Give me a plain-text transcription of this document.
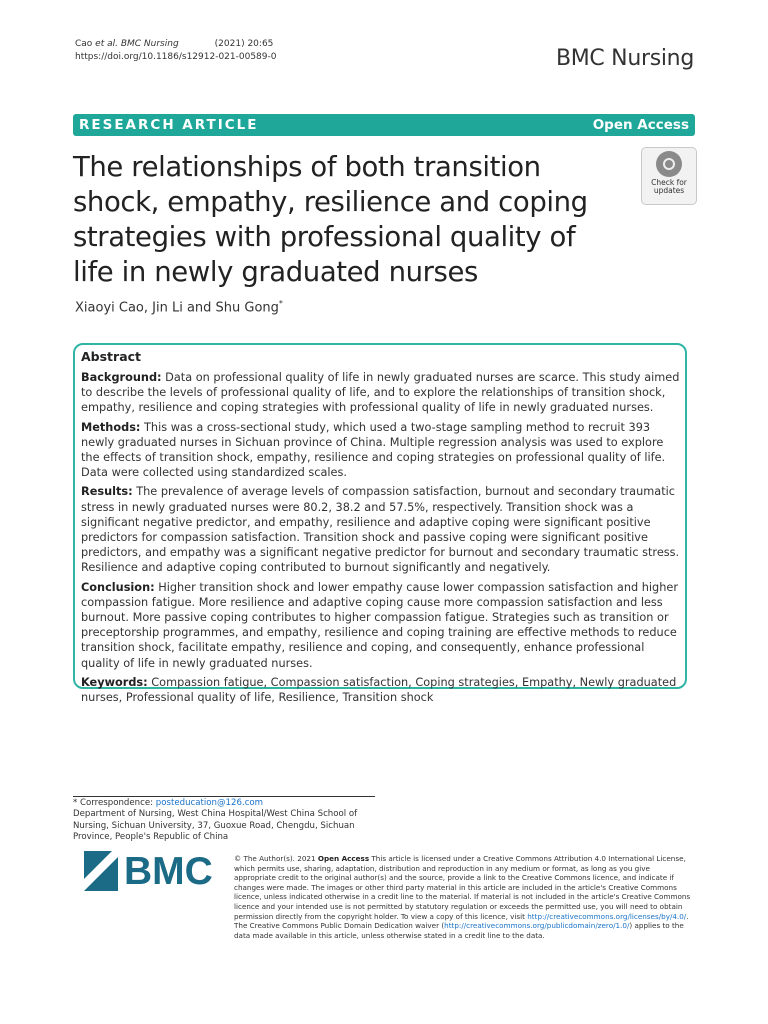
Cao et al. BMC Nursing	(2021) 20:65
https://doi.org/10.1186/s12912-021-00589-0	BMC Nursing
RESEARCH ARTICLE	Open Access
The relationships of both transition shock, empathy, resilience and coping strategies with professional quality of life in newly graduated nurses
Check for
updates
Xiaoyi Cao, Jin Li and Shu Gong*
Abstract

Background: Data on professional quality of life in newly graduated nurses are scarce. This study aimed to describe the levels of professional quality of life, and to explore the relationships of transition shock, empathy, resilience and coping strategies with professional quality of life in newly graduated nurses.

Methods: This was a cross-sectional study, which used a two-stage sampling method to recruit 393 newly graduated nurses in Sichuan province of China. Multiple regression analysis was used to explore the effects of transition shock, empathy, resilience and coping strategies on professional quality of life. Data were collected using standardized scales.

Results: The prevalence of average levels of compassion satisfaction, burnout and secondary traumatic stress in newly graduated nurses were 80.2, 38.2 and 57.5%, respectively. Transition shock was a significant negative predictor, and empathy, resilience and adaptive coping were significant positive predictors for compassion satisfaction. Transition shock and passive coping were significant positive predictors, and empathy was a significant negative predictor for burnout and secondary traumatic stress. Resilience and adaptive coping contributed to burnout significantly and negatively.

Conclusion: Higher transition shock and lower empathy cause lower compassion satisfaction and higher compassion fatigue. More resilience and adaptive coping cause more compassion satisfaction and less burnout. More passive coping contributes to higher compassion fatigue. Strategies such as transition or preceptorship programmes, and empathy, resilience and coping training are effective methods to reduce transition shock, facilitate empathy, resilience and coping, and consequently, enhance professional quality of life in newly graduated nurses.

Keywords: Compassion fatigue, Compassion satisfaction, Coping strategies, Empathy, Newly graduated nurses, Professional quality of life, Resilience, Transition shock

* Correspondence: posteducation@126.com
Department of Nursing, West China Hospital/West China School of Nursing, Sichuan University, 37, Guoxue Road, Chengdu, Sichuan Province, People's Republic of China
BMC	© The Author(s). 2021 Open Access This article is licensed under a Creative Commons Attribution 4.0 International License, which permits use, sharing, adaptation, distribution and reproduction in any medium or format, as long as you give appropriate credit to the original author(s) and the source, provide a link to the Creative Commons licence, and indicate if changes were made. The images or other third party material in this article are included in the article's Creative Commons licence, unless indicated otherwise in a credit line to the material. If material is not included in the article's Creative Commons licence and your intended use is not permitted by statutory regulation or exceeds the permitted use, you will need to obtain permission directly from the copyright holder. To view a copy of this licence, visit http://creativecommons.org/licenses/by/4.0/. The Creative Commons Public Domain Dedication waiver (http://creativecommons.org/publicdomain/zero/1.0/) applies to the data made available in this article, unless otherwise stated in a credit line to the data.
